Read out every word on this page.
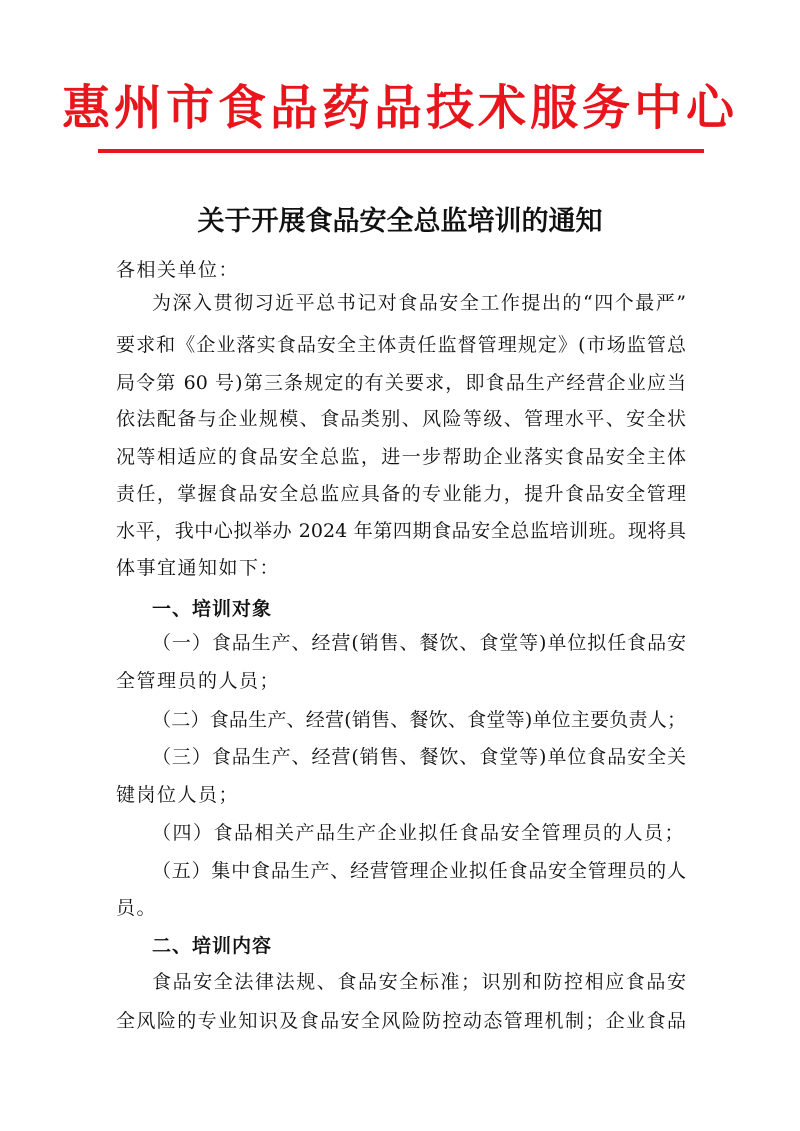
惠州市食品药品技术服务中心
关于开展食品安全总监培训的通知
各相关单位：
为深入贯彻习近平总书记对食品安全工作提出的“四个最严”
要求和《企业落实食品安全主体责任监督管理规定》(市场监管总
局令第 60 号)第三条规定的有关要求，即食品生产经营企业应当
依法配备与企业规模、食品类别、风险等级、管理水平、安全状
况等相适应的食品安全总监，进一步帮助企业落实食品安全主体
责任，掌握食品安全总监应具备的专业能力，提升食品安全管理
水平，我中心拟举办 2024 年第四期食品安全总监培训班。现将具
体事宜通知如下：
一、培训对象
（一）食品生产、经营(销售、餐饮、食堂等)单位拟任食品安
全管理员的人员；
（二）食品生产、经营(销售、餐饮、食堂等)单位主要负责人；
（三）食品生产、经营(销售、餐饮、食堂等)单位食品安全关
键岗位人员；
（四）食品相关产品生产企业拟任食品安全管理员的人员；
（五）集中食品生产、经营管理企业拟任食品安全管理员的人
员。
二、培训内容
食品安全法律法规、食品安全标准；识别和防控相应食品安
全风险的专业知识及食品安全风险防控动态管理机制；企业食品
